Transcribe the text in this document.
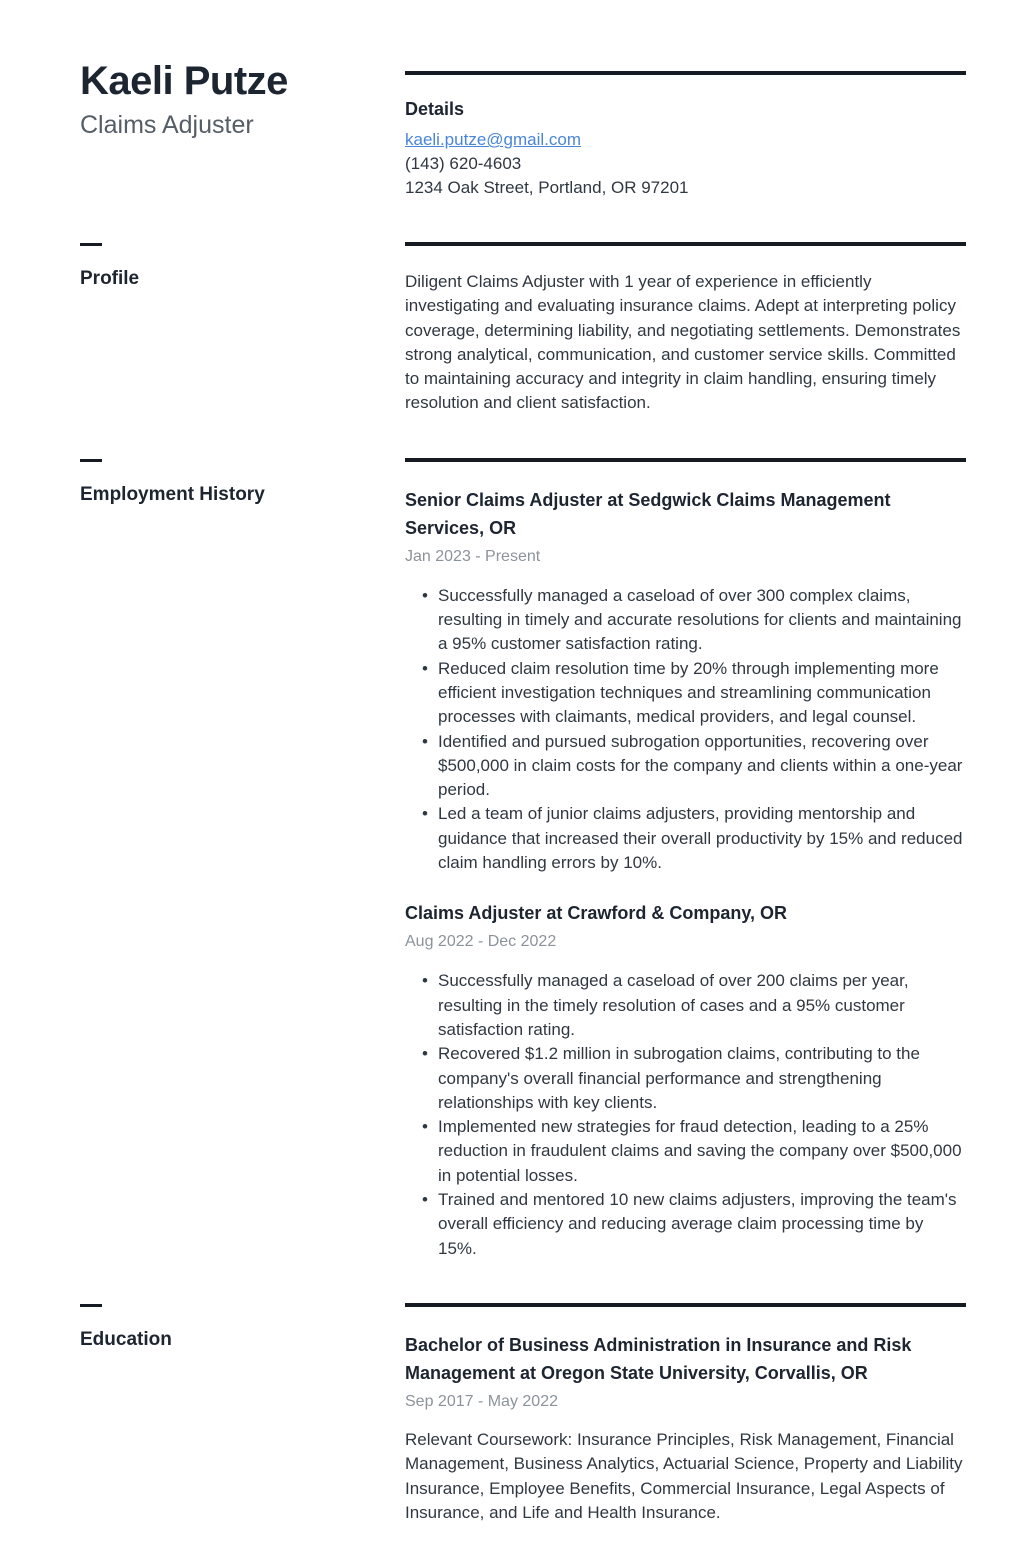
Kaeli Putze
Claims Adjuster
Details
kaeli.putze@gmail.com
(143) 620-4603
1234 Oak Street, Portland, OR 97201
Profile	Diligent Claims Adjuster with 1 year of experience in efficiently investigating and evaluating insurance claims. Adept at interpreting policy coverage, determining liability, and negotiating settlements. Demonstrates strong analytical, communication, and customer service skills. Committed to maintaining accuracy and integrity in claim handling, ensuring timely resolution and client satisfaction.

Employment History	Senior Claims Adjuster at Sedgwick Claims Management Services, OR
Jan 2023 - Present
• Successfully managed a caseload of over 300 complex claims, resulting in timely and accurate resolutions for clients and maintaining a 95% customer satisfaction rating.
• Reduced claim resolution time by 20% through implementing more efficient investigation techniques and streamlining communication processes with claimants, medical providers, and legal counsel.
• Identified and pursued subrogation opportunities, recovering over $500,000 in claim costs for the company and clients within a one-year period.
• Led a team of junior claims adjusters, providing mentorship and guidance that increased their overall productivity by 15% and reduced claim handling errors by 10%.
Claims Adjuster at Crawford & Company, OR
Aug 2022 - Dec 2022
• Successfully managed a caseload of over 200 claims per year, resulting in the timely resolution of cases and a 95% customer satisfaction rating.
• Recovered $1.2 million in subrogation claims, contributing to the company's overall financial performance and strengthening relationships with key clients.
• Implemented new strategies for fraud detection, leading to a 25% reduction in fraudulent claims and saving the company over $500,000 in potential losses.
• Trained and mentored 10 new claims adjusters, improving the team's overall efficiency and reducing average claim processing time by 15%.
Education	Bachelor of Business Administration in Insurance and Risk Management at Oregon State University, Corvallis, OR
Sep 2017 - May 2022

Relevant Coursework: Insurance Principles, Risk Management, Financial Management, Business Analytics, Actuarial Science, Property and Liability Insurance, Employee Benefits, Commercial Insurance, Legal Aspects of Insurance, and Life and Health Insurance.
